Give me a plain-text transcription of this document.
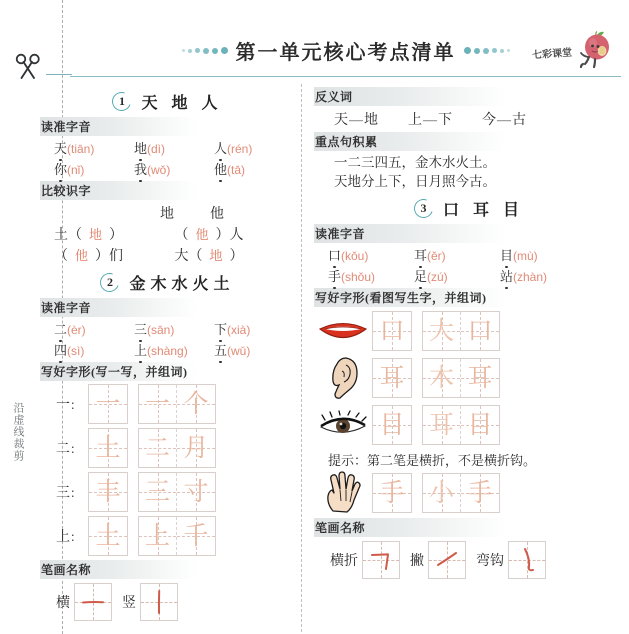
沿虚线裁剪
第一单元核心考点清单	七彩课堂
1	天 地 人
读准字音
天(tiān)	地(dì)	人(rén)
你(nǐ)	我(wǒ)	他(tā)
比较识字
地	他
土（ 地 ）	（ 他 ）人
（ 他 ）们	大（ 地 ）
2	金木水火土
读准字音
二(èr)	三(sān)	下(xià)
四(sì)	上(shàng)	五(wǔ)
写好字形(写一写，并组词)
一： 一 一 个
二： 土 二 月
三： 丰 三 寸
上： 土 上 千
笔画名称
横	竖
反义词
天—地 上—下 今—古
重点句积累
一二三四五，金木水火土。
天地分上下，日月照今古。
3	口 耳 目
读准字音
口(kǒu)	耳(ěr)	目(mù)
手(shǒu)	足(zú)	站(zhàn)
写好字形(看图写生字，并组词)
口 大 口
耳 木 耳
目 耳 目
提示：第二笔是横折，不是横折钩。
手 小 手
笔画名称
横折	撇	弯钩
